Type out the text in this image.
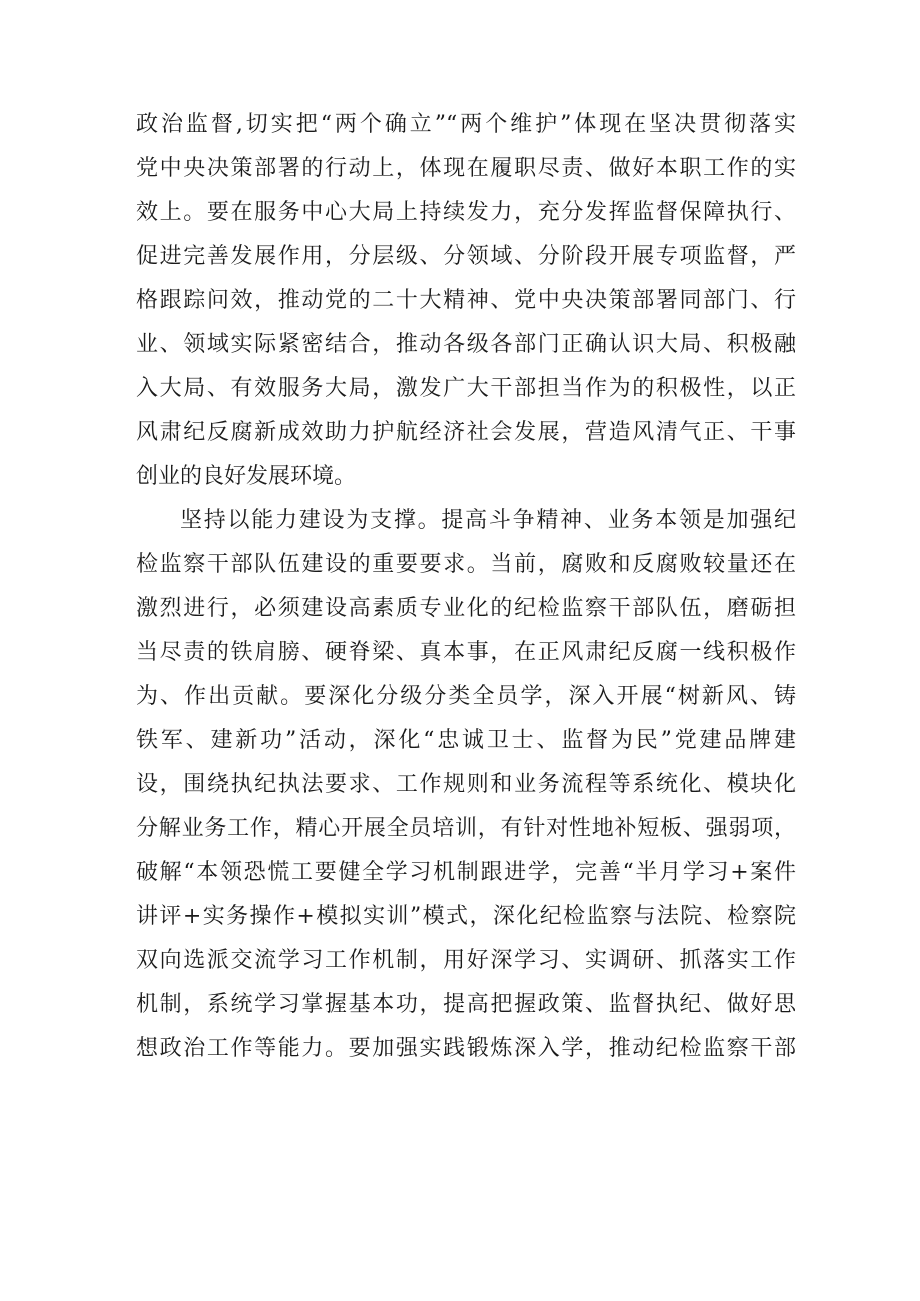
政治监督,切实把“两个确立”“两个维护”体现在坚决贯彻落实
党中央决策部署的行动上，体现在履职尽责、做好本职工作的实
效上。要在服务中心大局上持续发力，充分发挥监督保障执行、
促进完善发展作用，分层级、分领域、分阶段开展专项监督，严
格跟踪问效，推动党的二十大精神、党中央决策部署同部门、行
业、领域实际紧密结合，推动各级各部门正确认识大局、积极融
入大局、有效服务大局，激发广大干部担当作为的积极性，以正
风肃纪反腐新成效助力护航经济社会发展，营造风清气正、干事
创业的良好发展环境。
坚持以能力建设为支撑。提高斗争精神、业务本领是加强纪
检监察干部队伍建设的重要要求。当前，腐败和反腐败较量还在
激烈进行，必须建设高素质专业化的纪检监察干部队伍，磨砺担
当尽责的铁肩膀、硬脊梁、真本事，在正风肃纪反腐一线积极作
为、作出贡献。要深化分级分类全员学，深入开展“树新风、铸
铁军、建新功”活动，深化“忠诚卫士、监督为民”党建品牌建
设，围绕执纪执法要求、工作规则和业务流程等系统化、模块化
分解业务工作，精心开展全员培训，有针对性地补短板、强弱项，
破解“本领恐慌工要健全学习机制跟进学，完善“半月学习+案件
讲评+实务操作+模拟实训”模式，深化纪检监察与法院、检察院
双向选派交流学习工作机制，用好深学习、实调研、抓落实工作
机制，系统学习掌握基本功，提高把握政策、监督执纪、做好思
想政治工作等能力。要加强实践锻炼深入学，推动纪检监察干部
